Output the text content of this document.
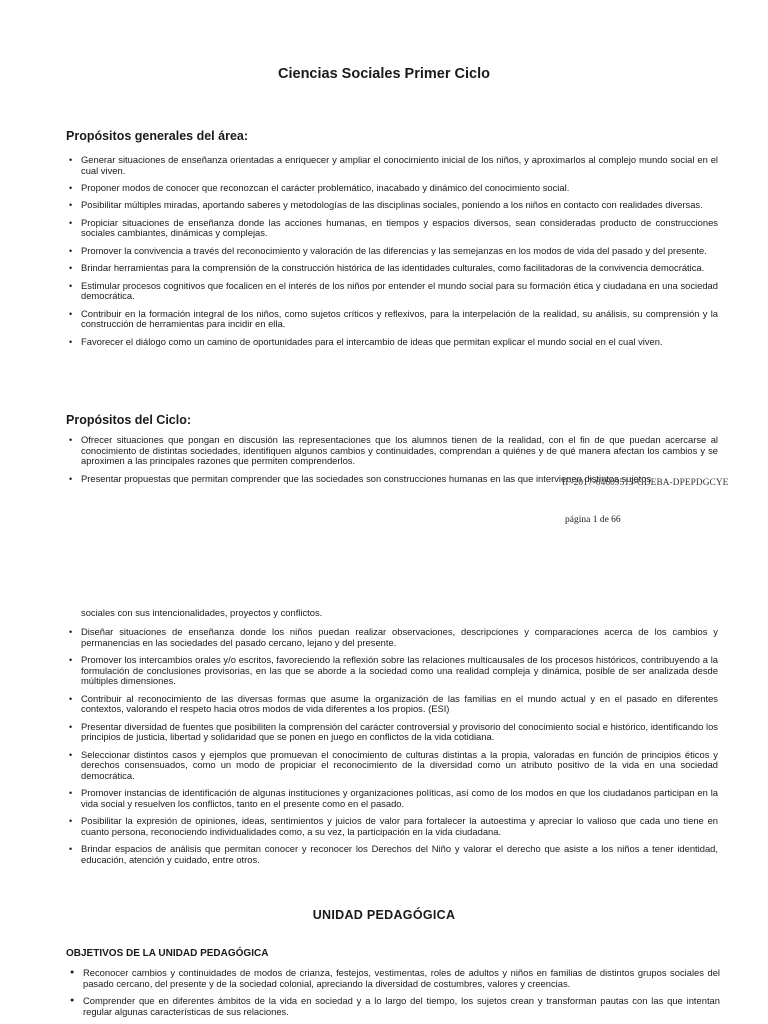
Ciencias Sociales Primer Ciclo
Propósitos generales del área:
• Generar situaciones de enseñanza orientadas a enriquecer y ampliar el conocimiento inicial de los niños, y aproximarlos al complejo mundo social en el cual viven.
• Proponer modos de conocer que reconozcan el carácter problemático, inacabado y dinámico del conocimiento social.
• Posibilitar múltiples miradas, aportando saberes y metodologías de las disciplinas sociales, poniendo a los niños en contacto con realidades diversas.
• Propiciar situaciones de enseñanza donde las acciones humanas, en tiempos y espacios diversos, sean consideradas producto de construcciones sociales cambiantes, dinámicas y complejas.
• Promover la convivencia a través del reconocimiento y valoración de las diferencias y las semejanzas en los modos de vida del pasado y del presente.
• Brindar herramientas para la comprensión de la construcción histórica de las identidades culturales, como facilitadoras de la convivencia democrática.
• Estimular procesos cognitivos que focalicen en el interés de los niños por entender el mundo social para su formación ética y ciudadana en una sociedad democrática.
• Contribuir en la formación integral de los niños, como sujetos críticos y reflexivos, para la interpelación de la realidad, su análisis, su comprensión y la construcción de herramientas para incidir en ella.
• Favorecer el diálogo como un camino de oportunidades para el intercambio de ideas que permitan explicar el mundo social en el cual viven.
Propósitos del Ciclo:
• Ofrecer situaciones que pongan en discusión las representaciones que los alumnos tienen de la realidad, con el fin de que puedan acercarse al conocimiento de distintas sociedades, identifiquen algunos cambios y continuidades, comprendan a quiénes y de qué manera afectan los cambios y se aproximen a las principales razones que permiten comprenderlos.
• Presentar propuestas que permitan comprender que las sociedades son construcciones humanas en las que intervienen distintos sujetos
IF-2017-04609513-GDEBA-DPEPDGCYE
página 1 de 66
sociales con sus intencionalidades, proyectos y conflictos.
• Diseñar situaciones de enseñanza donde los niños puedan realizar observaciones, descripciones y comparaciones acerca de los cambios y permanencias en las sociedades del pasado cercano, lejano y del presente.
• Promover los intercambios orales y/o escritos, favoreciendo la reflexión sobre las relaciones multicausales de los procesos históricos, contribuyendo a la formulación de conclusiones provisorias, en las que se aborde a la sociedad como una realidad compleja y dinámica, posible de ser analizada desde múltiples dimensiones.
• Contribuir al reconocimiento de las diversas formas que asume la organización de las familias en el mundo actual y en el pasado en diferentes contextos, valorando el respeto hacia otros modos de vida diferentes a los propios. (ESI)
• Presentar diversidad de fuentes que posibiliten la comprensión del carácter controversial y provisorio del conocimiento social e histórico, identificando los principios de justicia, libertad y solidaridad que se ponen en juego en conflictos de la vida cotidiana.
• Seleccionar distintos casos y ejemplos que promuevan el conocimiento de culturas distintas a la propia, valoradas en función de principios éticos y derechos consensuados, como un modo de propiciar el reconocimiento de la diversidad como un atributo positivo de la vida en una sociedad democrática.
• Promover instancias de identificación de algunas instituciones y organizaciones políticas, así como de los modos en que los ciudadanos participan en la vida social y resuelven los conflictos, tanto en el presente como en el pasado.
• Posibilitar la expresión de opiniones, ideas, sentimientos y juicios de valor para fortalecer la autoestima y apreciar lo valioso que cada uno tiene en cuanto persona, reconociendo individualidades como, a su vez, la participación en la vida ciudadana.
• Brindar espacios de análisis que permitan conocer y reconocer los Derechos del Niño y valorar el derecho que asiste a los niños a tener identidad, educación, atención y cuidado, entre otros.
UNIDAD PEDAGÓGICA
OBJETIVOS DE LA UNIDAD PEDAGÓGICA
● Reconocer cambios y continuidades de modos de crianza, festejos, vestimentas, roles de adultos y niños en familias de distintos grupos sociales del pasado cercano, del presente y de la sociedad colonial, apreciando la diversidad de costumbres, valores y creencias.
● Comprender que en diferentes ámbitos de la vida en sociedad y a lo largo del tiempo, los sujetos crean y transforman pautas con las que intentan regular algunas características de sus relaciones.
